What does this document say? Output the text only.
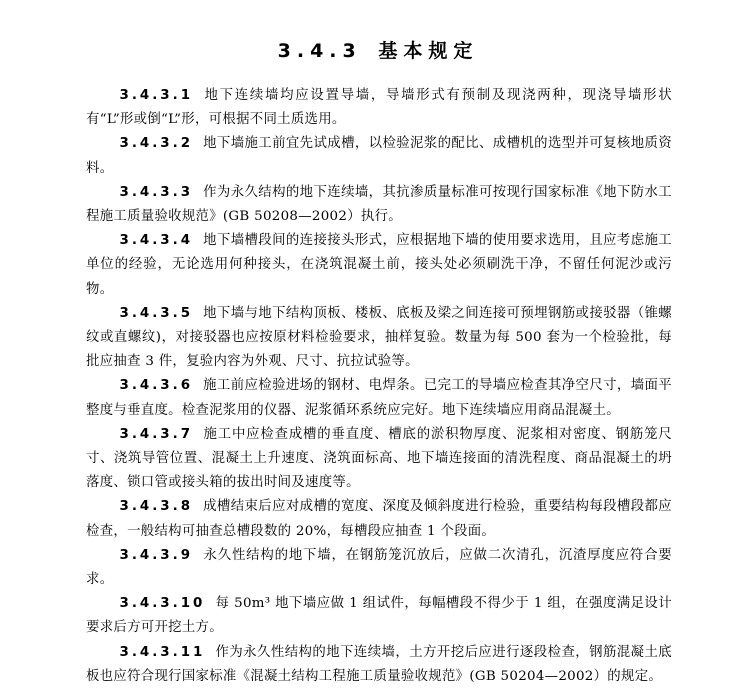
3.4.3 基本规定

3.4.3.1 地下连续墙均应设置导墙，导墙形式有预制及现浇两种，现浇导墙形状有“L”形或倒“L”形，可根据不同土质选用。

3.4.3.2 地下墙施工前宜先试成槽，以检验泥浆的配比、成槽机的选型并可复核地质资料。

3.4.3.3 作为永久结构的地下连续墙，其抗渗质量标准可按现行国家标准《地下防水工程施工质量验收规范》(GB 50208—2002）执行。

3.4.3.4 地下墙槽段间的连接接头形式，应根据地下墙的使用要求选用，且应考虑施工单位的经验，无论选用何种接头，在浇筑混凝土前，接头处必须刷洗干净，不留任何泥沙或污物。

3.4.3.5 地下墙与地下结构顶板、楼板、底板及梁之间连接可预埋钢筋或接驳器（锥螺纹或直螺纹)，对接驳器也应按原材料检验要求，抽样复验。数量为每 500 套为一个检验批，每批应抽查 3 件，复验内容为外观、尺寸、抗拉试验等。

3.4.3.6 施工前应检验进场的钢材、电焊条。已完工的导墙应检查其净空尺寸，墙面平整度与垂直度。检查泥浆用的仪器、泥浆循环系统应完好。地下连续墙应用商品混凝土。

3.4.3.7 施工中应检查成槽的垂直度、槽底的淤积物厚度、泥浆相对密度、钢筋笼尺寸、浇筑导管位置、混凝土上升速度、浇筑面标高、地下墙连接面的清洗程度、商品混凝土的坍落度、锁口管或接头箱的拔出时间及速度等。

3.4.3.8 成槽结束后应对成槽的宽度、深度及倾斜度进行检验，重要结构每段槽段都应检查，一般结构可抽查总槽段数的 20%，每槽段应抽查 1 个段面。

3.4.3.9 永久性结构的地下墙，在钢筋笼沉放后，应做二次清孔，沉渣厚度应符合要求。

3.4.3.10 每 50m³ 地下墙应做 1 组试件，每幅槽段不得少于 1 组，在强度满足设计要求后方可开挖土方。

3.4.3.11 作为永久性结构的地下连续墙，土方开挖后应进行逐段检查，钢筋混凝土底板也应符合现行国家标准《混凝土结构工程施工质量验收规范》(GB 50204—2002）的规定。
